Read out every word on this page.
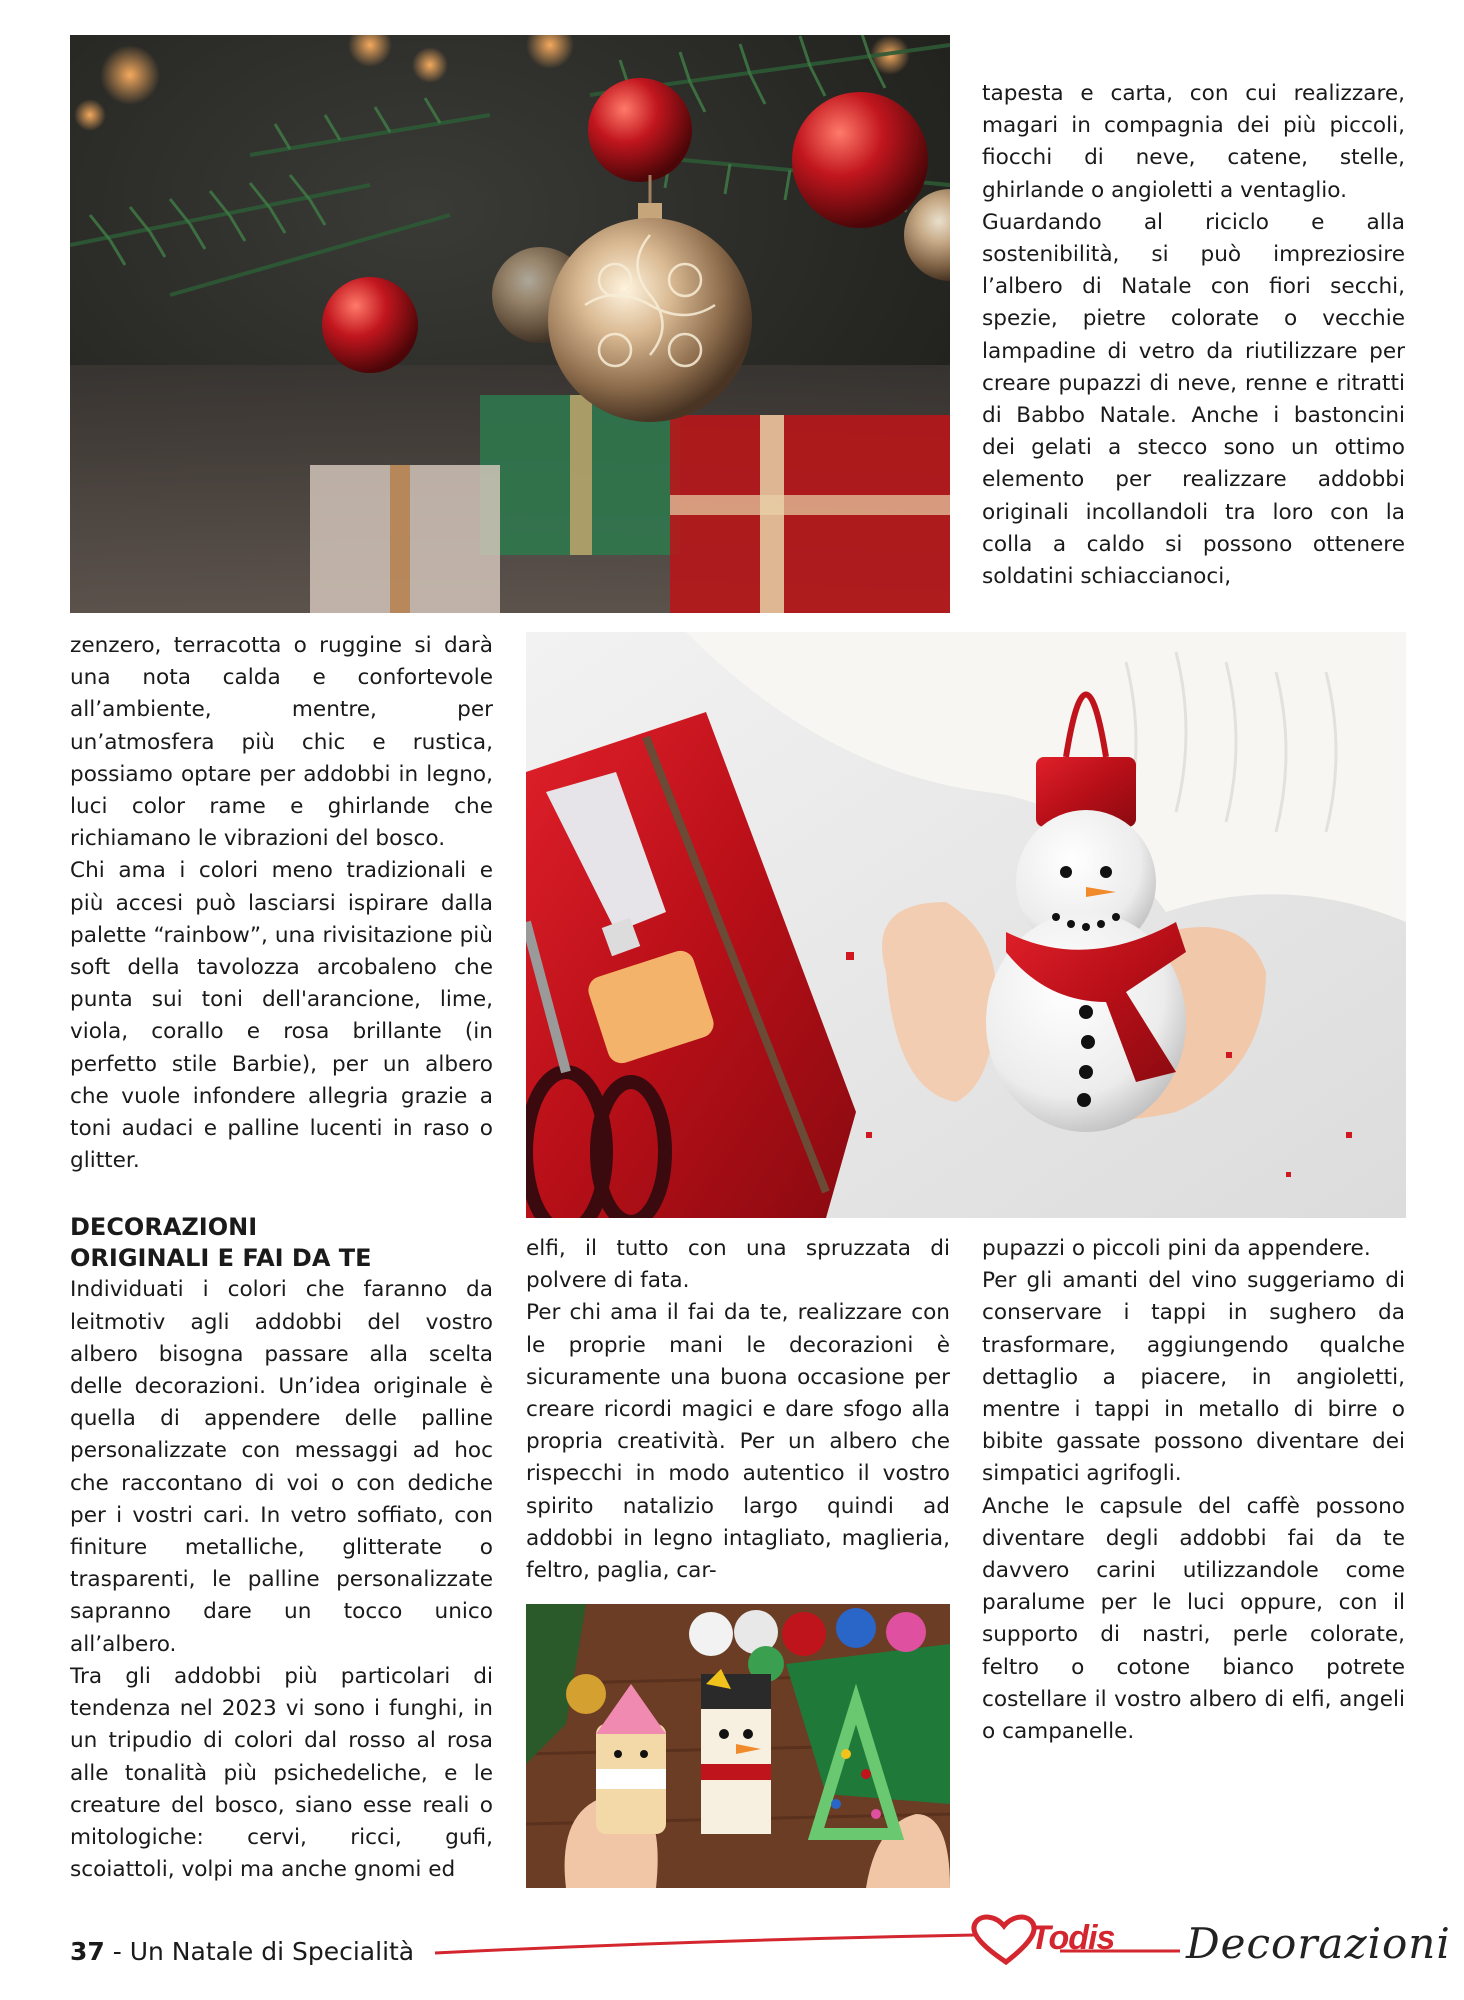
tapesta e carta, con cui realizzare, magari in compagnia dei più piccoli, fiocchi di neve, catene, stelle, ghirlande o angioletti a ventaglio.

Guardando al riciclo e alla sostenibilità, si può impreziosire l’albero di Natale con fiori secchi, spezie, pietre colorate o vecchie lampadine di vetro da riutilizzare per creare pupazzi di neve, renne e ritratti di Babbo Natale. Anche i bastoncini dei gelati a stecco sono un ottimo elemento per realizzare addobbi originali incollandoli tra loro con la colla a caldo si possono ottenere soldatini schiaccianoci,

zenzero, terracotta o ruggine si darà una nota calda e confortevole all’ambiente, mentre, per un’atmosfera più chic e rustica, possiamo optare per addobbi in legno, luci color rame e ghirlande che richiamano le vibrazioni del bosco.

Chi ama i colori meno tradizionali e più accesi può lasciarsi ispirare dalla palette “rainbow”, una rivisitazione più soft della tavolozza arcobaleno che punta sui toni dell'arancione, lime, viola, corallo e rosa brillante (in perfetto stile Barbie), per un albero che vuole infondere allegria grazie a toni audaci e palline lucenti in raso o glitter.

DECORAZIONI
ORIGINALI E FAI DA TE

Individuati i colori che faranno da leitmotiv agli addobbi del vostro albero bisogna passare alla scelta delle decorazioni. Un’idea originale è quella di appendere delle palline personalizzate con messaggi ad hoc che raccontano di voi o con dediche per i vostri cari. In vetro soffiato, con finiture metalliche, glitterate o trasparenti, le palline personalizzate sapranno dare un tocco unico all’albero.

Tra gli addobbi più particolari di tendenza nel 2023 vi sono i funghi, in un tripudio di colori dal rosso al rosa alle tonalità più psichedeliche, e le creature del bosco, siano esse reali o mitologiche: cervi, ricci, gufi, scoiattoli, volpi ma anche gnomi ed

elfi, il tutto con una spruzzata di polvere di fata.

Per chi ama il fai da te, realizzare con le proprie mani le decorazioni è sicuramente una buona occasione per creare ricordi magici e dare sfogo alla propria creatività. Per un albero che rispecchi in modo autentico il vostro spirito natalizio largo quindi ad addobbi in legno intagliato, maglieria, feltro, paglia, car-

pupazzi o piccoli pini da appendere.

Per gli amanti del vino suggeriamo di conservare i tappi in sughero da trasformare, aggiungendo qualche dettaglio a piacere, in angioletti, mentre i tappi in metallo di birre o bibite gassate possono diventare dei simpatici agrifogli.

Anche le capsule del caffè possono diventare degli addobbi fai da te davvero carini utilizzandole come paralume per le luci oppure, con il supporto di nastri, perle colorate, feltro o cotone bianco potrete costellare il vostro albero di elfi, angeli o campanelle.

37 - Un Natale di Specialità	Todis Decorazioni
